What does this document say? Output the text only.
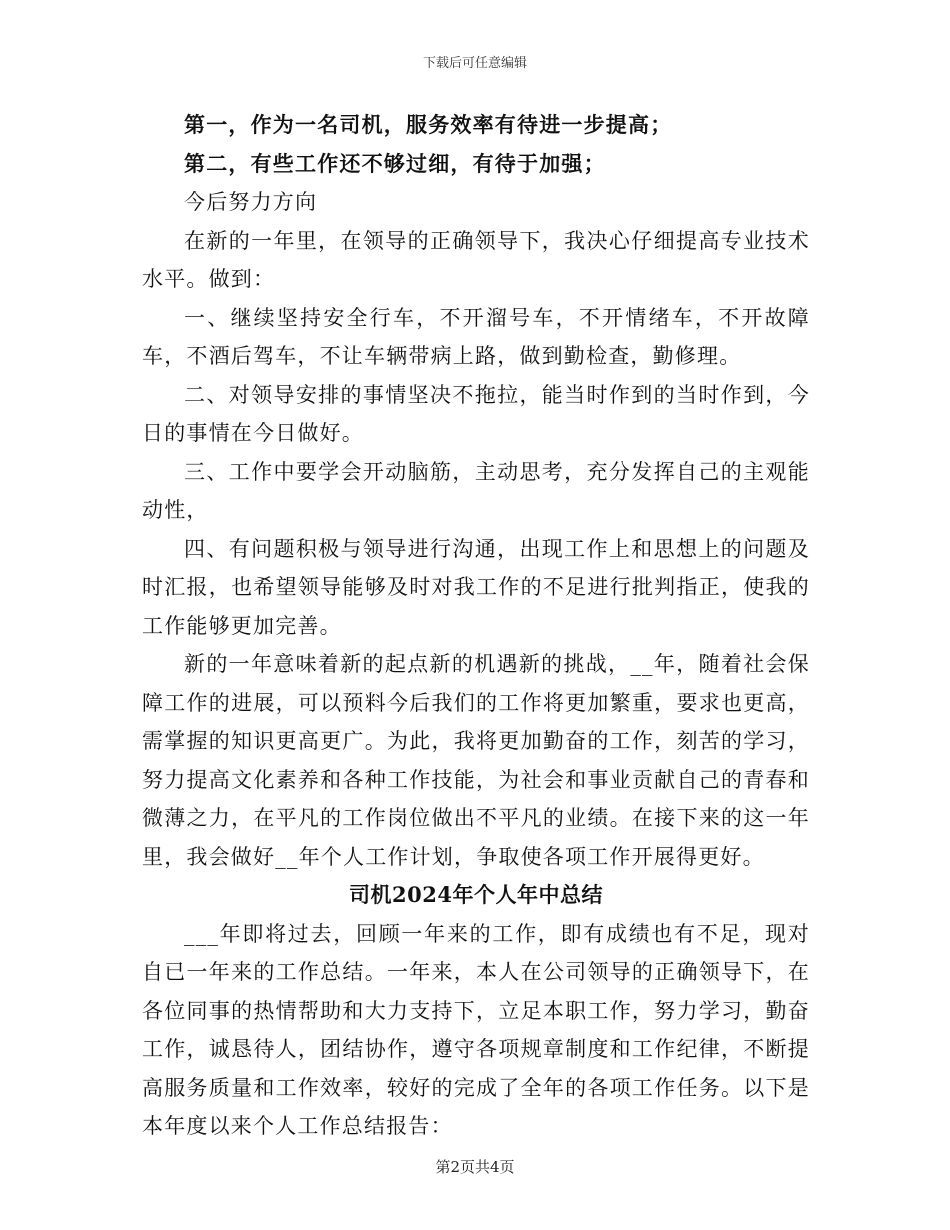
下载后可任意编辑

第一，作为一名司机，服务效率有待进一步提高；

第二，有些工作还不够过细，有待于加强；

今后努力方向

在新的一年里，在领导的正确领导下，我决心仔细提高专业技术水平。做到：

一、继续坚持安全行车，不开溜号车，不开情绪车，不开故障车，不酒后驾车，不让车辆带病上路，做到勤检查，勤修理。

二、对领导安排的事情坚决不拖拉，能当时作到的当时作到，今日的事情在今日做好。

三、工作中要学会开动脑筋，主动思考，充分发挥自己的主观能动性，

四、有问题积极与领导进行沟通，出现工作上和思想上的问题及时汇报，也希望领导能够及时对我工作的不足进行批判指正，使我的工作能够更加完善。

新的一年意味着新的起点新的机遇新的挑战，__年，随着社会保障工作的进展，可以预料今后我们的工作将更加繁重，要求也更高，需掌握的知识更高更广。为此，我将更加勤奋的工作，刻苦的学习，努力提高文化素养和各种工作技能，为社会和事业贡献自己的青春和微薄之力，在平凡的工作岗位做出不平凡的业绩。在接下来的这一年里，我会做好__年个人工作计划，争取使各项工作开展得更好。

司机2024年个人年中总结

___年即将过去，回顾一年来的工作，即有成绩也有不足，现对自已一年来的工作总结。一年来，本人在公司领导的正确领导下，在各位同事的热情帮助和大力支持下，立足本职工作，努力学习，勤奋工作，诚恳待人，团结协作，遵守各项规章制度和工作纪律，不断提高服务质量和工作效率，较好的完成了全年的各项工作任务。以下是本年度以来个人工作总结报告：

第2页共4页
